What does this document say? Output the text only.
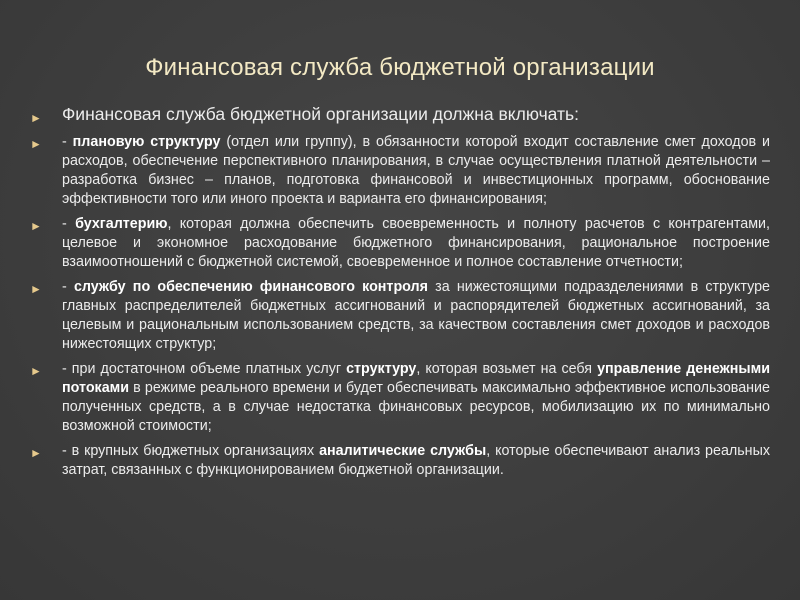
Финансовая служба бюджетной организации
► Финансовая служба бюджетной организации должна включать:
► - плановую структуру (отдел или группу), в обязанности которой входит составление смет доходов и расходов, обеспечение перспективного планирования, в случае осуществления платной деятельности – разработка бизнес – планов, подготовка финансовой и инвестиционных программ, обоснование эффективности того или иного проекта и варианта его финансирования;
► - бухгалтерию, которая должна обеспечить своевременность и полноту расчетов с контрагентами, целевое и экономное расходование бюджетного финансирования, рациональное построение взаимоотношений с бюджетной системой, своевременное и полное составление отчетности;
► - службу по обеспечению финансового контроля за нижестоящими подразделениями в структуре главных распределителей бюджетных ассигнований и распорядителей бюджетных ассигнований, за целевым и рациональным использованием средств, за качеством составления смет доходов и расходов нижестоящих структур;
► - при достаточном объеме платных услуг структуру, которая возьмет на себя управление денежными потоками в режиме реального времени и будет обеспечивать максимально эффективное использование полученных средств, а в случае недостатка финансовых ресурсов, мобилизацию их по минимально возможной стоимости;
► - в крупных бюджетных организациях аналитические службы, которые обеспечивают анализ реальных затрат, связанных с функционированием бюджетной организации.
